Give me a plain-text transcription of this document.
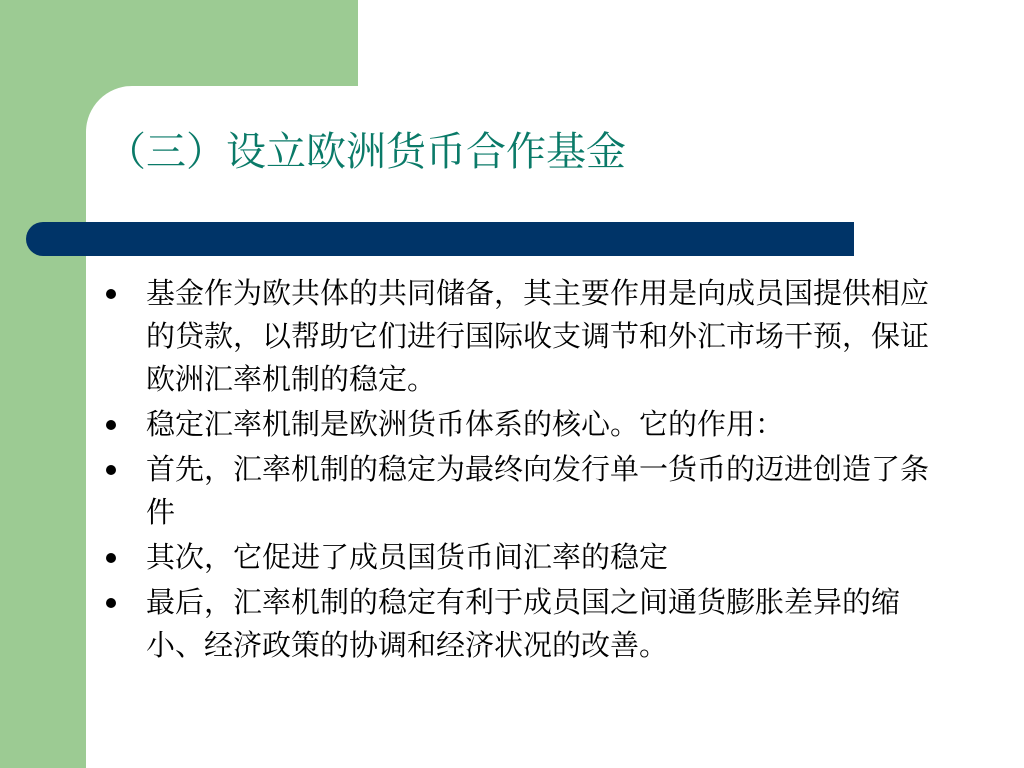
（三）设立欧洲货币合作基金
基金作为欧共体的共同储备，其主要作用是向成员国提供相应的贷款，以帮助它们进行国际收支调节和外汇市场干预，保证欧洲汇率机制的稳定。
稳定汇率机制是欧洲货币体系的核心。它的作用：
首先，汇率机制的稳定为最终向发行单一货币的迈进创造了条件
其次，它促进了成员国货币间汇率的稳定
最后，汇率机制的稳定有利于成员国之间通货膨胀差异的缩小、经济政策的协调和经济状况的改善。
